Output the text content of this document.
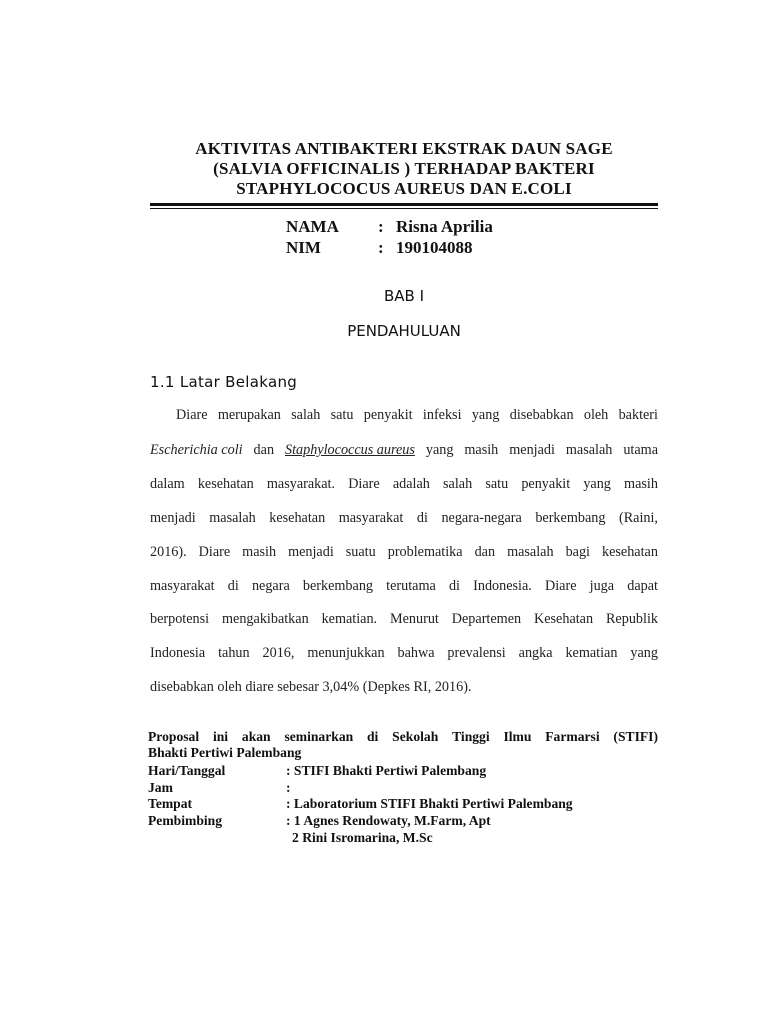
AKTIVITAS ANTIBAKTERI EKSTRAK DAUN SAGE
(SALVIA OFFICINALIS ) TERHADAP BAKTERI
STAPHYLOCOCUS AUREUS DAN E.COLI
NAMA : Risna Aprilia
NIM	: 190104088
BAB I
PENDAHULUAN
1.1 Latar Belakang
Diare merupakan salah satu penyakit infeksi yang disebabkan oleh bakteri
Escherichia coli dan Staphylococcus aureus yang masih menjadi masalah utama
dalam kesehatan masyarakat. Diare adalah salah satu penyakit yang masih
menjadi masalah kesehatan masyarakat di negara-negara berkembang (Raini,
2016). Diare masih menjadi suatu problematika dan masalah bagi kesehatan
masyarakat di negara berkembang terutama di Indonesia. Diare juga dapat
berpotensi mengakibatkan kematian. Menurut Departemen Kesehatan Republik
Indonesia tahun 2016, menunjukkan bahwa prevalensi angka kematian yang
disebabkan oleh diare sebesar 3,04% (Depkes RI, 2016).
Proposal ini akan seminarkan di Sekolah Tinggi Ilmu Farmarsi (STIFI)
Bhakti Pertiwi Palembang
Hari/Tanggal	: STIFI Bhakti Pertiwi Palembang
Jam	:
Tempat	: Laboratorium STIFI Bhakti Pertiwi Palembang
Pembimbing	: 1 Agnes Rendowaty, M.Farm, Apt
2 Rini Isromarina, M.Sc
